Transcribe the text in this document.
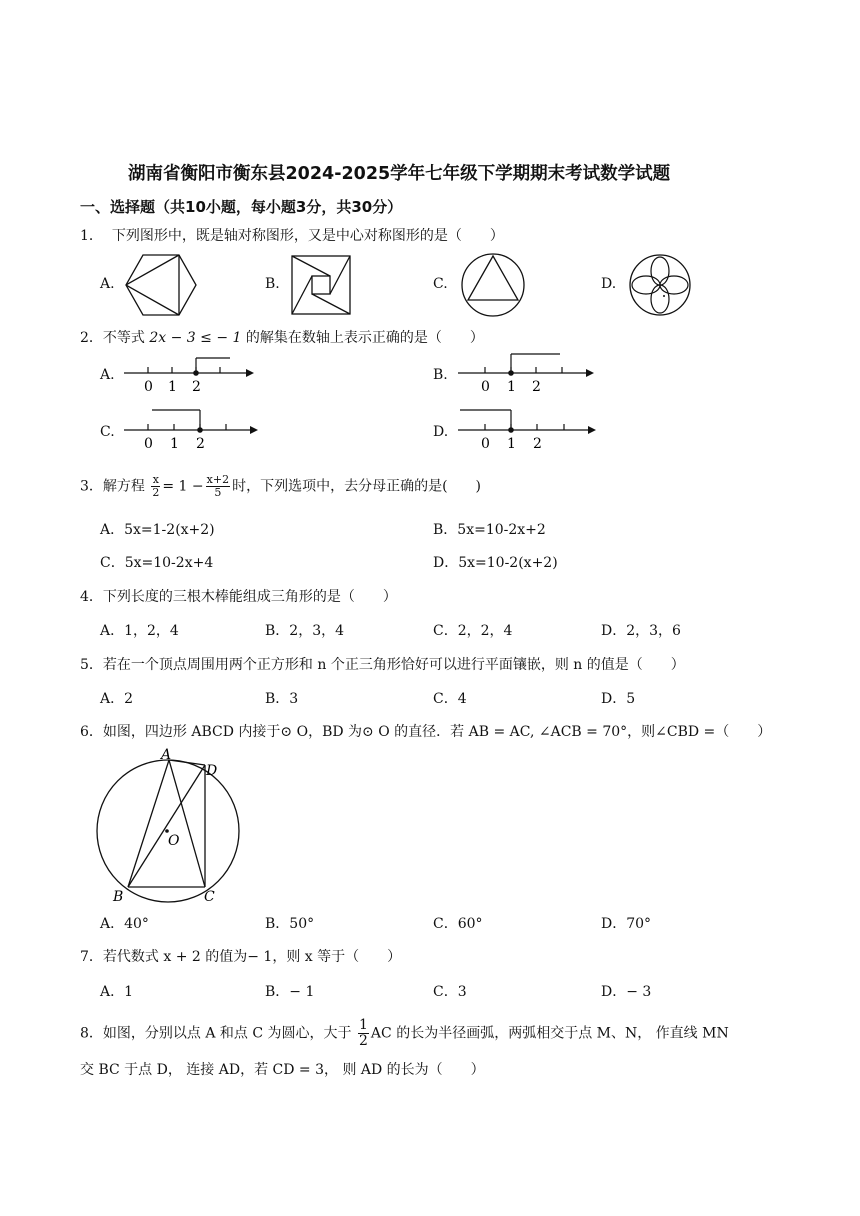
湖南省衡阳市衡东县2024-2025学年七年级下学期期末考试数学试题
一、选择题（共10小题，每小题3分，共30分）
1． 下列图形中，既是轴对称图形，又是中心对称图形的是（　　）
A.	B.	C.	D.
2．不等式 2x − 3 ≤ − 1 的解集在数轴上表示正确的是（　　）
A.	B.
C.	D.
0 1 2	0 1 2
0 1 2	0 1 2
3．解方程 $\frac{x}{2} = 1 - \frac{x+2}{5}$ 时，下列选项中，去分母正确的是(　　)
A．5x=1-2(x+2)	B．5x=10-2x+2
C．5x=10-2x+4	D．5x=10-2(x+2)
4．下列长度的三根木棒能组成三角形的是（　　）
A．1，2，4	B．2，3，4	C．2，2，4	D．2，3，6
5．若在一个顶点周围用两个正方形和 n 个正三角形恰好可以进行平面镶嵌，则 n 的值是（　　）
A．2	B．3	C．4	D．5
6．如图，四边形 ABCD 内接于⊙ O，BD 为⊙ O 的直径．若 AB = AC, ∠ACB = 70°，则∠CBD =（　　）
A
D
O
B	C
A．40°	B．50°	C．60°	D．70°
7．若代数式 x + 2 的值为− 1，则 x 等于（　　）
A．1	B．− 1	C．3	D．− 3
8．如图，分别以点 A 和点 C 为圆心，大于 $\frac{1}{2}$ AC 的长为半径画弧，两弧相交于点 M、N， 作直线 MN
交 BC 于点 D， 连接 AD，若 CD = 3， 则 AD 的长为（　　）
